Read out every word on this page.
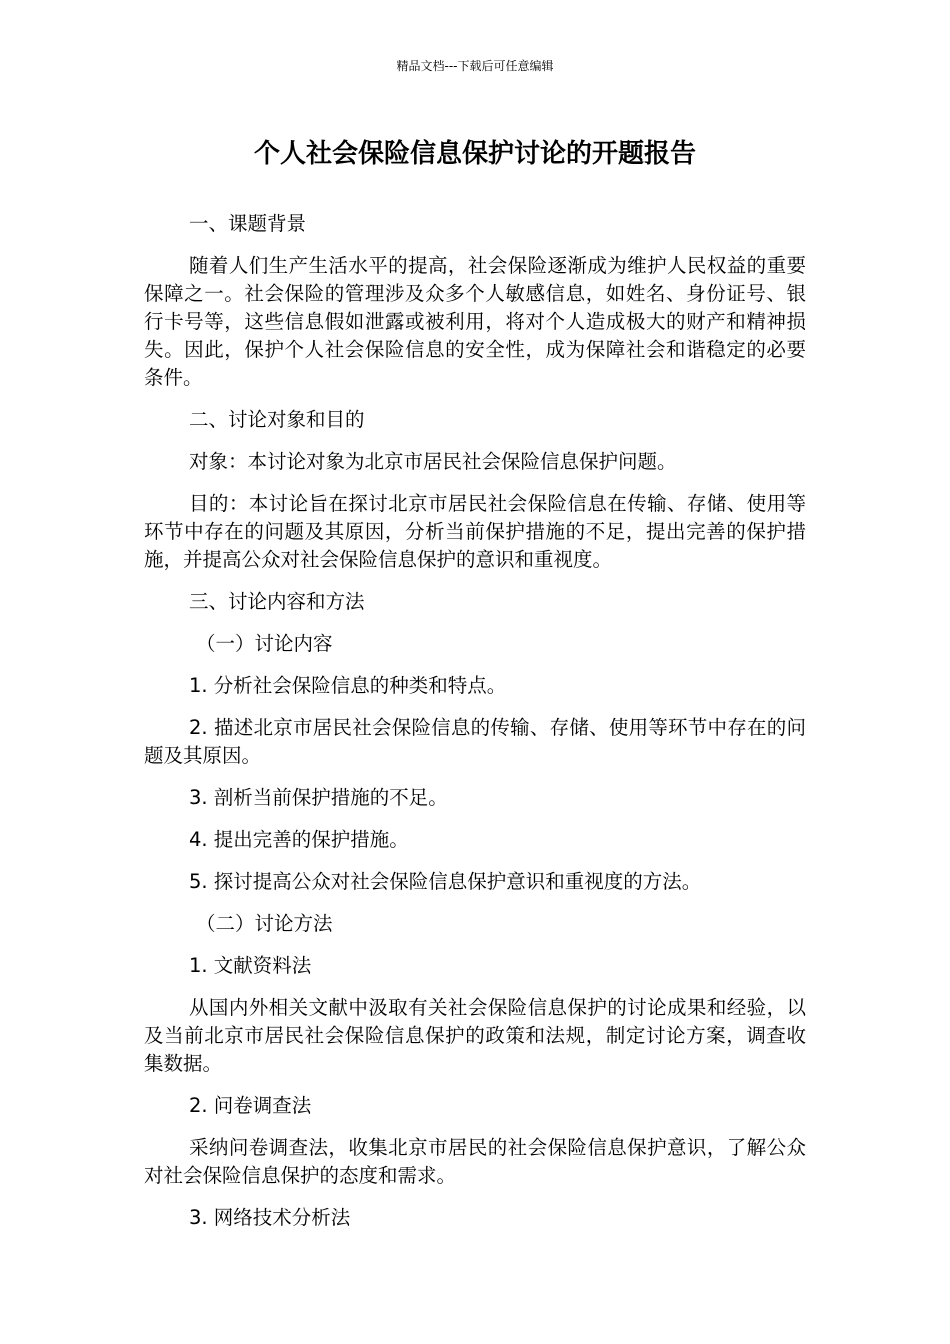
精品文档---下载后可任意编辑
个人社会保险信息保护讨论的开题报告

一、课题背景

随着人们生产生活水平的提高，社会保险逐渐成为维护人民权益的重要保障之一。社会保险的管理涉及众多个人敏感信息，如姓名、身份证号、银行卡号等，这些信息假如泄露或被利用，将对个人造成极大的财产和精神损失。因此，保护个人社会保险信息的安全性，成为保障社会和谐稳定的必要条件。

二、讨论对象和目的

对象：本讨论对象为北京市居民社会保险信息保护问题。

目的：本讨论旨在探讨北京市居民社会保险信息在传输、存储、使用等环节中存在的问题及其原因，分析当前保护措施的不足，提出完善的保护措施，并提高公众对社会保险信息保护的意识和重视度。

三、讨论内容和方法

（一）讨论内容

1. 分析社会保险信息的种类和特点。

2. 描述北京市居民社会保险信息的传输、存储、使用等环节中存在的问题及其原因。

3. 剖析当前保护措施的不足。

4. 提出完善的保护措施。

5. 探讨提高公众对社会保险信息保护意识和重视度的方法。

（二）讨论方法

1. 文献资料法

从国内外相关文献中汲取有关社会保险信息保护的讨论成果和经验，以及当前北京市居民社会保险信息保护的政策和法规，制定讨论方案，调查收集数据。

2. 问卷调查法

采纳问卷调查法，收集北京市居民的社会保险信息保护意识，了解公众对社会保险信息保护的态度和需求。

3. 网络技术分析法
